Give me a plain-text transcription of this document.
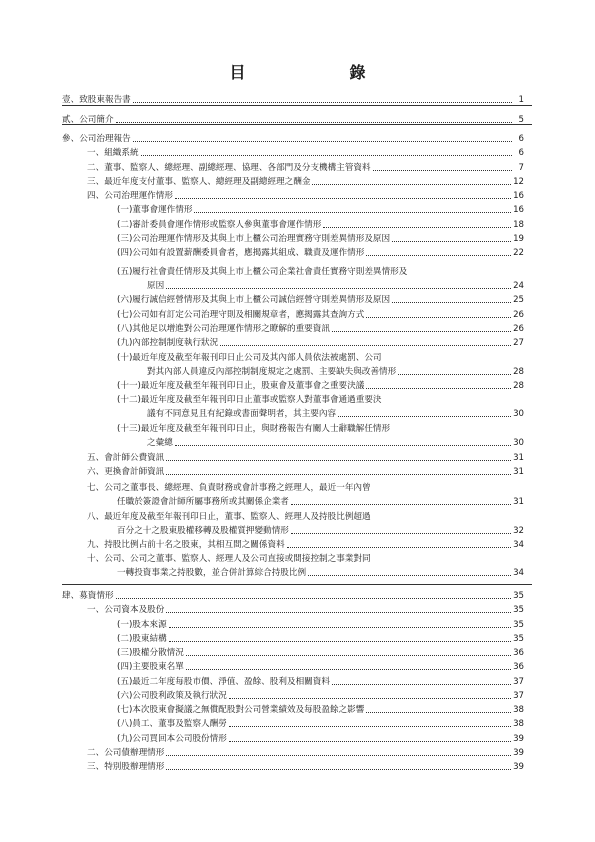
目　　錄
壹、致股東報告書	1
貳、公司簡介	5
參、公司治理報告	6
一、組織系統	6
二、董事、監察人、總經理、副總經理、協理、各部門及分支機構主管資料	7
三、最近年度支付董事、監察人、總經理及副總經理之酬金	12
四、公司治理運作情形	16
(一)董事會運作情形	16
(二)審計委員會運作情形或監察人參與董事會運作情形	18
(三)公司治理運作情形及其與上市上櫃公司治理實務守則差異情形及原因	19
(四)公司如有設置薪酬委員會者，應揭露其組成、職責及運作情形	22
(五)履行社會責任情形及其與上市上櫃公司企業社會責任實務守則差異情形及
原因	24
(六)履行誠信經營情形及其與上市上櫃公司誠信經營守則差異情形及原因	25
(七)公司如有訂定公司治理守則及相關規章者，應揭露其查詢方式	26
(八)其他足以增進對公司治理運作情形之瞭解的重要資訊	26
(九)內部控制制度執行狀況	27
(十)最近年度及截至年報刊印日止公司及其內部人員依法被處罰、公司
對其內部人員違反內部控制制度規定之處罰、主要缺失與改善情形	28
(十一)最近年度及截至年報刊印日止，股東會及董事會之重要決議	28
(十二)最近年度及截至年報刊印日止董事或監察人對董事會通過重要決
議有不同意見且有紀錄或書面聲明者，其主要內容	30
(十三)最近年度及截至年報刊印日止，與財務報告有關人士辭職解任情形
之彙總	30
五、會計師公費資訊	31
六、更換會計師資訊	31
七、公司之董事長、總經理、負責財務或會計事務之經理人，最近一年內曾
任職於簽證會計師所屬事務所或其關係企業者	31
八、最近年度及截至年報刊印日止，董事、監察人、經理人及持股比例超過
百分之十之股東股權移轉及股權質押變動情形	32
九、持股比例占前十名之股東，其相互間之關係資料	34
十、公司、公司之董事、監察人、經理人及公司直接或間接控制之事業對同
一轉投資事業之持股數，並合併計算綜合持股比例	34
肆、募資情形	35
一、公司資本及股份	35
(一)股本來源	35
(二)股東結構	35
(三)股權分散情況	36
(四)主要股東名單	36
(五)最近二年度每股市價、淨值、盈餘、股利及相關資料	37
(六)公司股利政策及執行狀況	37
(七)本次股東會擬議之無償配股對公司營業績效及每股盈餘之影響	38
(八)員工、董事及監察人酬勞	38
(九)公司買回本公司股份情形	39
二、公司債辦理情形	39
三、特別股辦理情形	39
